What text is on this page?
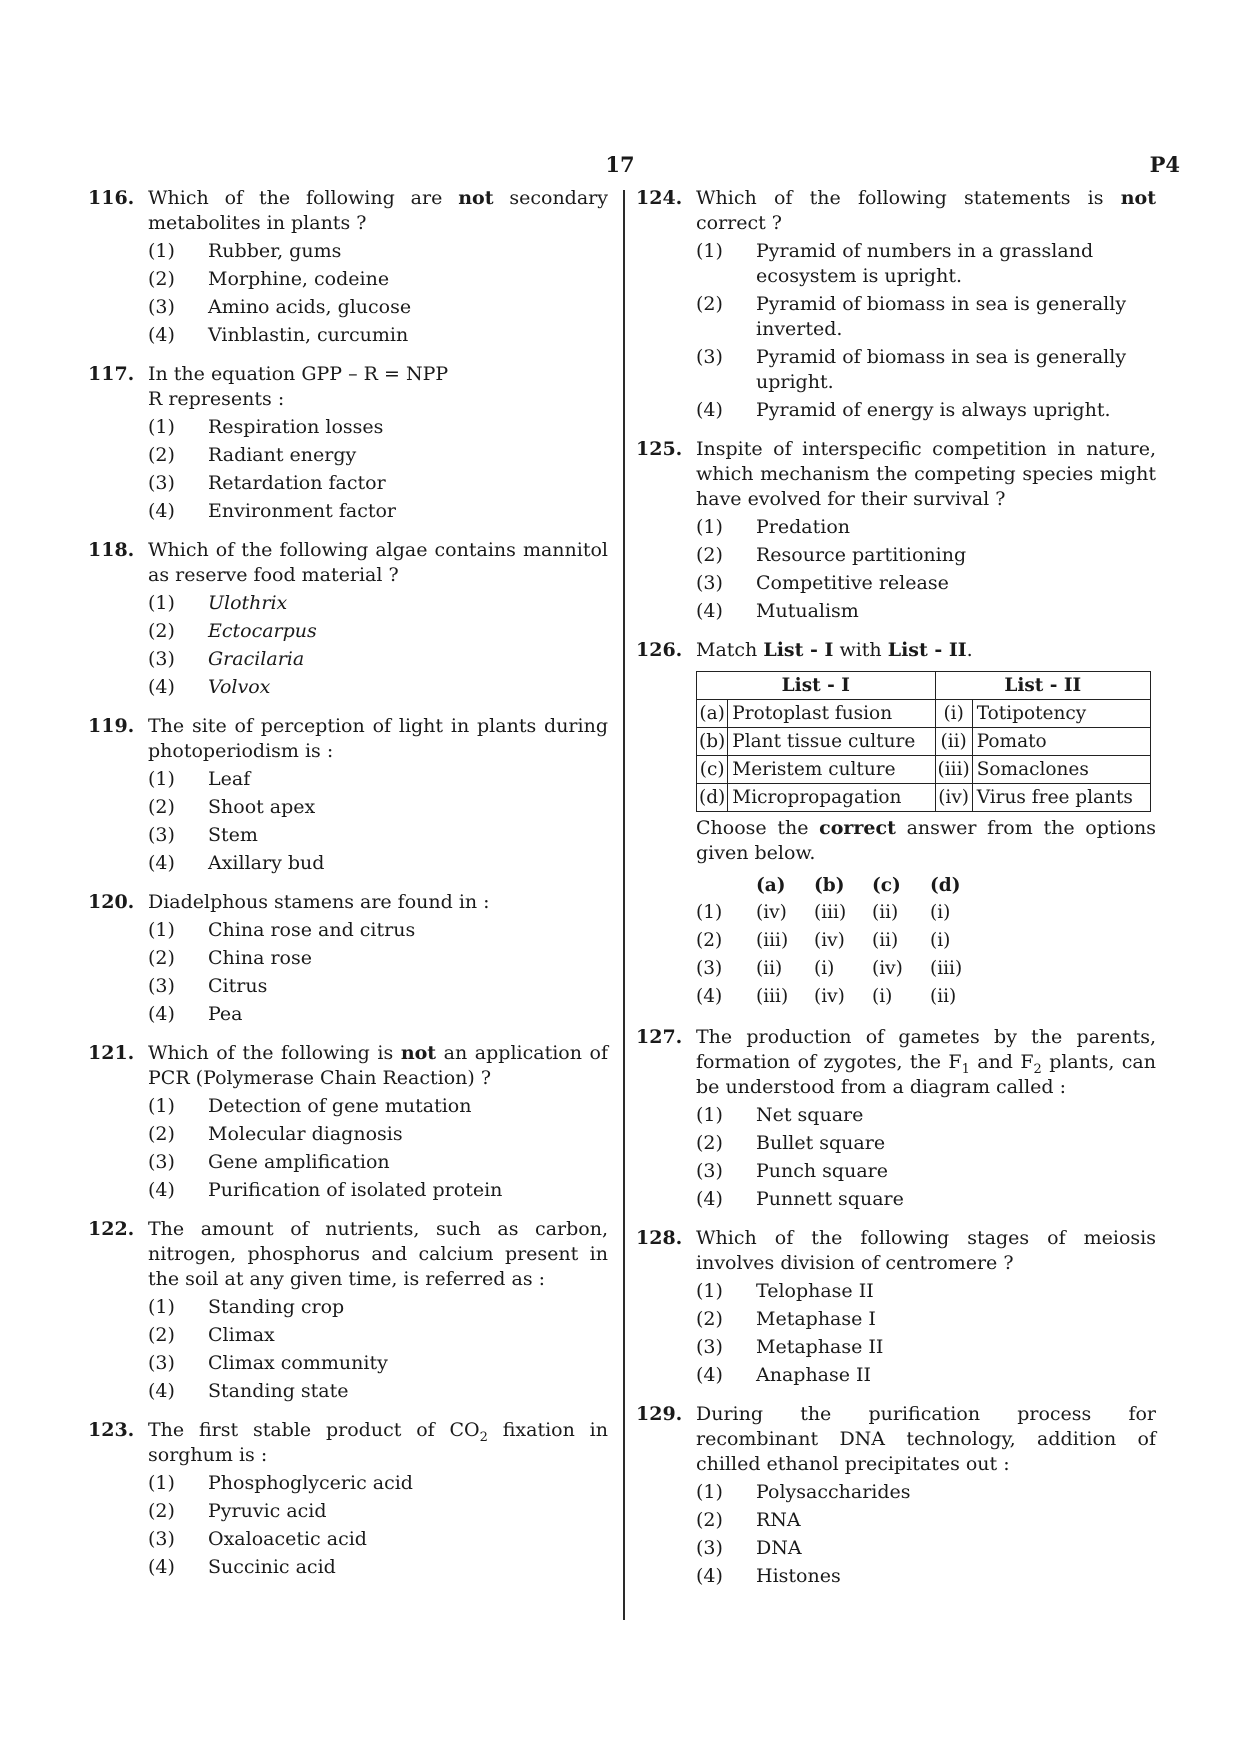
17	P4
116. Which of the following are not secondary metabolites in plants ?
(1) Rubber, gums
(2) Morphine, codeine
(3) Amino acids, glucose
(4) Vinblastin, curcumin
117. In the equation GPP – R = NPP
R represents :
(1) Respiration losses
(2) Radiant energy
(3) Retardation factor
(4) Environment factor
118. Which of the following algae contains mannitol as reserve food material ?
(1) Ulothrix
(2) Ectocarpus
(3) Gracilaria
(4) Volvox
119. The site of perception of light in plants during photoperiodism is :
(1) Leaf
(2) Shoot apex
(3) Stem
(4) Axillary bud
120. Diadelphous stamens are found in :
(1) China rose and citrus
(2) China rose
(3) Citrus
(4) Pea
121. Which of the following is not an application of PCR (Polymerase Chain Reaction) ?
(1) Detection of gene mutation
(2) Molecular diagnosis
(3) Gene amplification
(4) Purification of isolated protein
122. The amount of nutrients, such as carbon, nitrogen, phosphorus and calcium present in the soil at any given time, is referred as :
(1) Standing crop
(2) Climax
(3) Climax community
(4) Standing state
123. The first stable product of $CO_2$ fixation in sorghum is :
(1) Phosphoglyceric acid
(2) Pyruvic acid
(3) Oxaloacetic acid
(4) Succinic acid
124. Which of the following statements is not correct ?
(1) Pyramid of numbers in a grassland ecosystem is upright.
(2) Pyramid of biomass in sea is generally inverted.
(3) Pyramid of biomass in sea is generally upright.
(4) Pyramid of energy is always upright.
125. Inspite of interspecific competition in nature, which mechanism the competing species might have evolved for their survival ?
(1) Predation
(2) Resource partitioning
(3) Competitive release
(4) Mutualism
126. Match List - I with List - II.
List - I		List - II	
(a)	Protoplast fusion	(i)	Totipotency
(b)	Plant tissue culture	(ii)	Pomato
(c)	Meristem culture	(iii)	Somaclones
(d)	Micropropagation	(iv)	Virus free plants
Choose the correct answer from the options given below.
	(a)	(b)	(c)	(d)
(1)	(iv)	(iii)	(ii)	(i)
(2)	(iii)	(iv)	(ii)	(i)
(3)	(ii)	(i)	(iv)	(iii)
(4)	(iii)	(iv)	(i)	(ii)
127. The production of gametes by the parents, formation of zygotes, the $F_1$ and $F_2$ plants, can be understood from a diagram called :
(1) Net square
(2) Bullet square
(3) Punch square
(4) Punnett square
128. Which of the following stages of meiosis involves division of centromere ?
(1) Telophase II
(2) Metaphase I
(3) Metaphase II
(4) Anaphase II
129. During the purification process for recombinant DNA technology, addition of chilled ethanol precipitates out :
(1) Polysaccharides
(2) RNA
(3) DNA
(4) Histones
